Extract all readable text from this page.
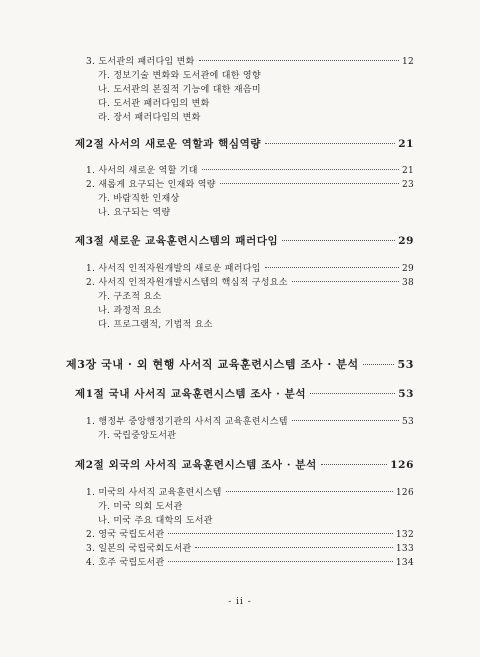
3. 도서관의 패러다임 변화	12
가. 정보기술 변화와 도서관에 대한 영향
나. 도서관의 본질적 기능에 대한 재음미
다. 도서관 패러다임의 변화
라. 장서 패러다임의 변화
제2절 사서의 새로운 역할과 핵심역량	21
1. 사서의 새로운 역할 기대	21
2. 새롭게 요구되는 인재와 역량	23
가. 바람직한 인재상
나. 요구되는 역량
제3절 새로운 교육훈련시스템의 패러다임	29
1. 사서직 인적자원개발의 새로운 패러다임	29
2. 사서직 인적자원개발시스템의 핵심적 구성요소	38
가. 구조적 요소
나. 과정적 요소
다. 프로그램적, 기법적 요소
제3장 국내 · 외 현행 사서직 교육훈련시스템 조사 · 분석	53
제1절 국내 사서직 교육훈련시스템 조사 · 분석	53
1. 행정부 중앙행정기관의 사서직 교육훈련시스템	53
가. 국립중앙도서관
제2절 외국의 사서직 교육훈련시스템 조사 · 분석	126
1. 미국의 사서직 교육훈련시스템	126
가. 미국 의회 도서관
나. 미국 주요 대학의 도서관
2. 영국 국립도서관	132
3. 일본의 국립국회도서관	133
4. 호주 국립도서관	134
- ii -
